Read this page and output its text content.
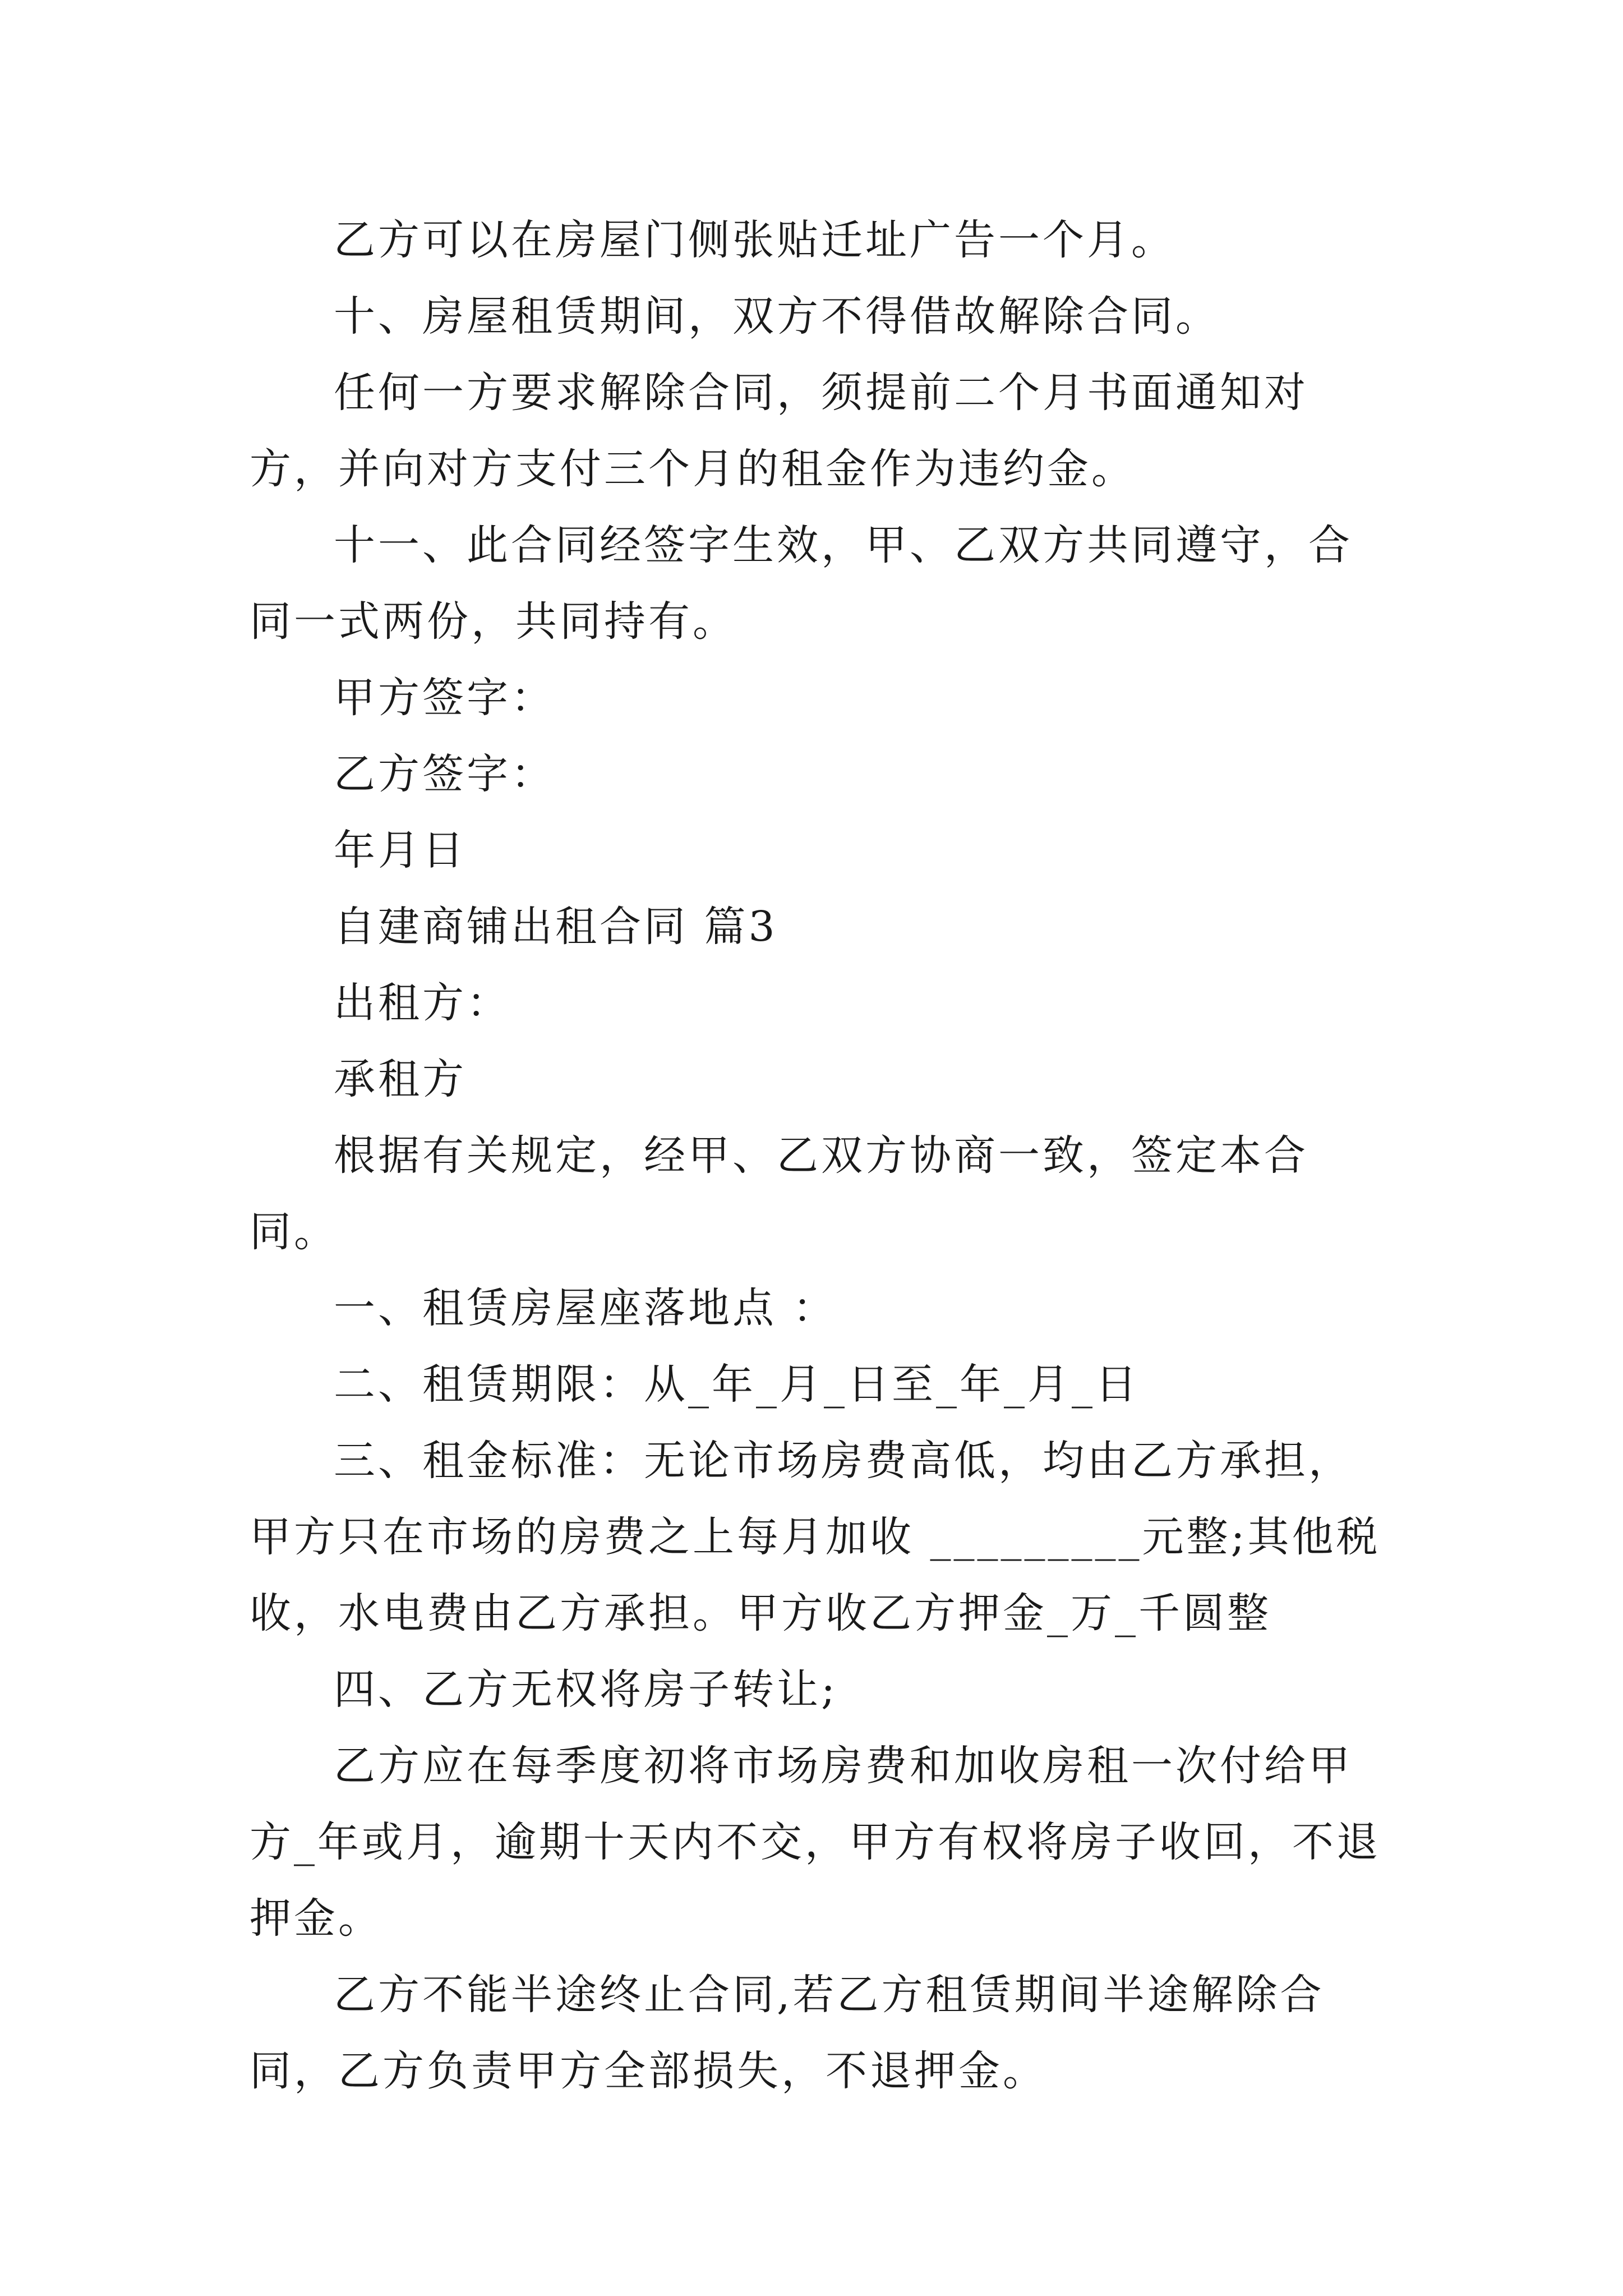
乙方可以在房屋门侧张贴迁址广告一个月。

十、房屋租赁期间，双方不得借故解除合同。

任何一方要求解除合同，须提前二个月书面通知对方，并向对方支付三个月的租金作为违约金。

十一、此合同经签字生效，甲、乙双方共同遵守，合同一式两份，共同持有。

甲方签字：

乙方签字：

年月日

自建商铺出租合同 篇3

出租方：

承租方

根据有关规定，经甲、乙双方协商一致，签定本合同。

一、租赁房屋座落地点 ：

二、租赁期限：从_年_月_日至_年_月_日

三、租金标准：无论市场房费高低，均由乙方承担，甲方只在市场的房费之上每月加收 _________元整;其他税收，水电费由乙方承担。甲方收乙方押金_万_千圆整

四、乙方无权将房子转让;

乙方应在每季度初将市场房费和加收房租一次付给甲方_年或月，逾期十天内不交，甲方有权将房子收回，不退押金。

乙方不能半途终止合同,若乙方租赁期间半途解除合同，乙方负责甲方全部损失，不退押金。
